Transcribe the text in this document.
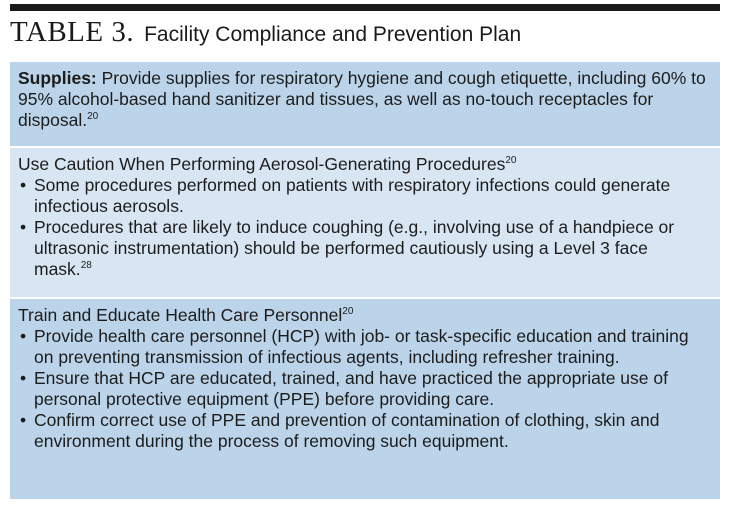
TABLE 3. Facility Compliance and Prevention Plan
Supplies: Provide supplies for respiratory hygiene and cough etiquette, including 60% to 95% alcohol-based hand sanitizer and tissues, as well as no-touch receptacles for disposal.$^{20}$
Use Caution When Performing Aerosol-Generating Procedures$^{20}$
• Some procedures performed on patients with respiratory infections could generate infectious aerosols.
• Procedures that are likely to induce coughing (e.g., involving use of a handpiece or ultrasonic instrumentation) should be performed cautiously using a Level 3 face mask.$^{28}$
Train and Educate Health Care Personnel$^{20}$
• Provide health care personnel (HCP) with job- or task-specific education and training on preventing transmission of infectious agents, including refresher training.
• Ensure that HCP are educated, trained, and have practiced the appropriate use of personal protective equipment (PPE) before providing care.
• Confirm correct use of PPE and prevention of contamination of clothing, skin and environment during the process of removing such equipment.
